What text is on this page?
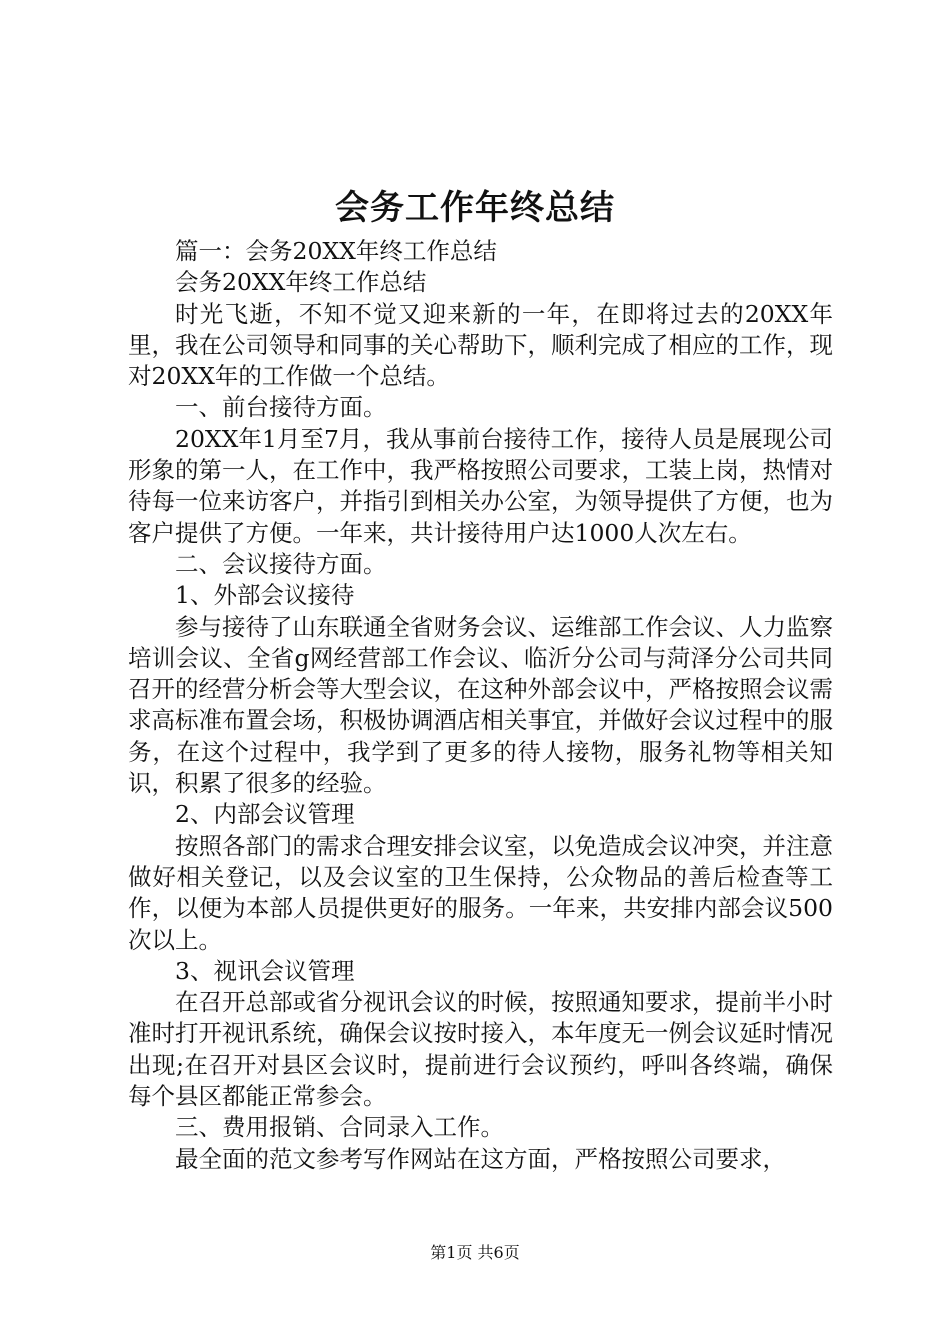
会务工作年终总结

篇一：会务20XX年终工作总结

会务20XX年终工作总结

时光飞逝，不知不觉又迎来新的一年，在即将过去的20XX年里，我在公司领导和同事的关心帮助下，顺利完成了相应的工作，现对20XX年的工作做一个总结。

一、前台接待方面。

20XX年1月至7月，我从事前台接待工作，接待人员是展现公司形象的第一人，在工作中，我严格按照公司要求，工装上岗，热情对待每一位来访客户，并指引到相关办公室，为领导提供了方便，也为客户提供了方便。一年来，共计接待用户达1000人次左右。

二、会议接待方面。

1、外部会议接待

参与接待了山东联通全省财务会议、运维部工作会议、人力监察培训会议、全省g网经营部工作会议、临沂分公司与菏泽分公司共同召开的经营分析会等大型会议，在这种外部会议中，严格按照会议需求高标准布置会场，积极协调酒店相关事宜，并做好会议过程中的服务，在这个过程中，我学到了更多的待人接物，服务礼物等相关知识，积累了很多的经验。

2、内部会议管理

按照各部门的需求合理安排会议室，以免造成会议冲突，并注意做好相关登记，以及会议室的卫生保持，公众物品的善后检查等工作，以便为本部人员提供更好的服务。一年来，共安排内部会议500次以上。

3、视讯会议管理

在召开总部或省分视讯会议的时候，按照通知要求，提前半小时准时打开视讯系统，确保会议按时接入，本年度无一例会议延时情况出现;在召开对县区会议时，提前进行会议预约，呼叫各终端，确保每个县区都能正常参会。

三、费用报销、合同录入工作。

最全面的范文参考写作网站在这方面，严格按照公司要求，

第1页 共6页
